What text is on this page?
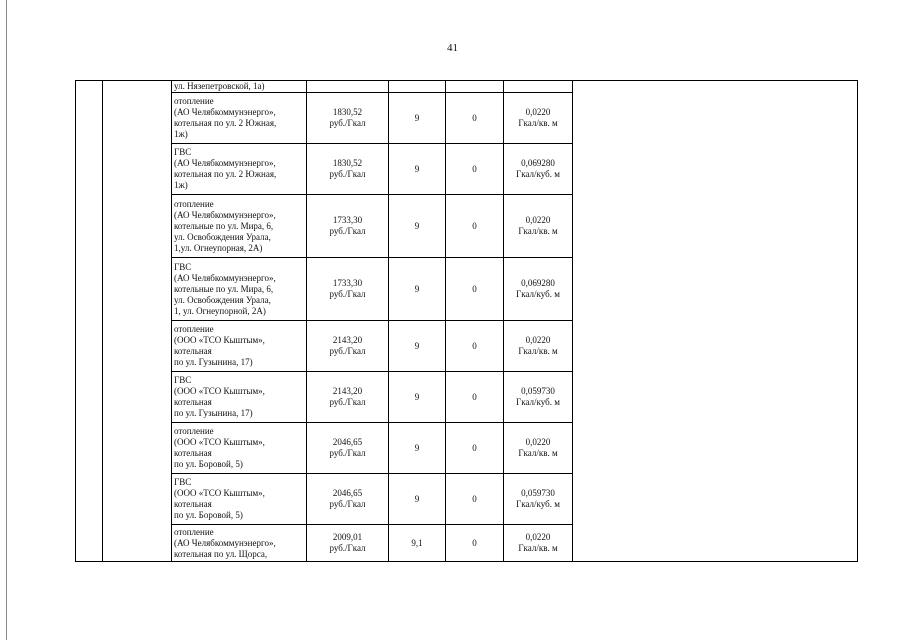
41
		ул. Нязепетровской, 1а)					

		отопление
(АО Челябкоммунэнерго»,
котельная по ул. 2 Южная,
1ж)	1830,52
руб./Гкал	9	0	0,0220
Гкал/кв. м	

		ГВС
(АО Челябкоммунэнерго»,
котельная по ул. 2 Южная,
1ж)	1830,52
руб./Гкал	9	0	0,069280
Гкал/куб. м	

		отопление
(АО Челябкоммунэнерго»,
котельные по ул. Мира, 6,
ул. Освобождения Урала,
1,ул. Огнеупорная, 2А)	1733,30
руб./Гкал	9	0	0,0220
Гкал/кв. м	

		ГВС
(АО Челябкоммунэнерго»,
котельные по ул. Мира, 6,
ул. Освобождения Урала,
1, ул. Огнеупорной, 2А)	1733,30
руб./Гкал	9	0	0,069280
Гкал/куб. м	

		отопление
(ООО «ТСО Кыштым»,
котельная
по ул. Гузынина, 17)	2143,20
руб./Гкал	9	0	0,0220
Гкал/кв. м	

		ГВС
(ООО «ТСО Кыштым»,
котельная
по ул. Гузынина, 17)	2143,20
руб./Гкал	9	0	0,059730
Гкал/куб. м	

		отопление
(ООО «ТСО Кыштым»,
котельная
по ул. Боровой, 5)	2046,65
руб./Гкал	9	0	0,0220
Гкал/кв. м	

		ГВС
(ООО «ТСО Кыштым»,
котельная
по ул. Боровой, 5)	2046,65
руб./Гкал	9	0	0,059730
Гкал/куб. м	

		отопление
(АО Челябкоммунэнерго»,
котельная по ул. Щорса,	2009,01
руб./Гкал	9,1	0	0,0220
Гкал/кв. м	
